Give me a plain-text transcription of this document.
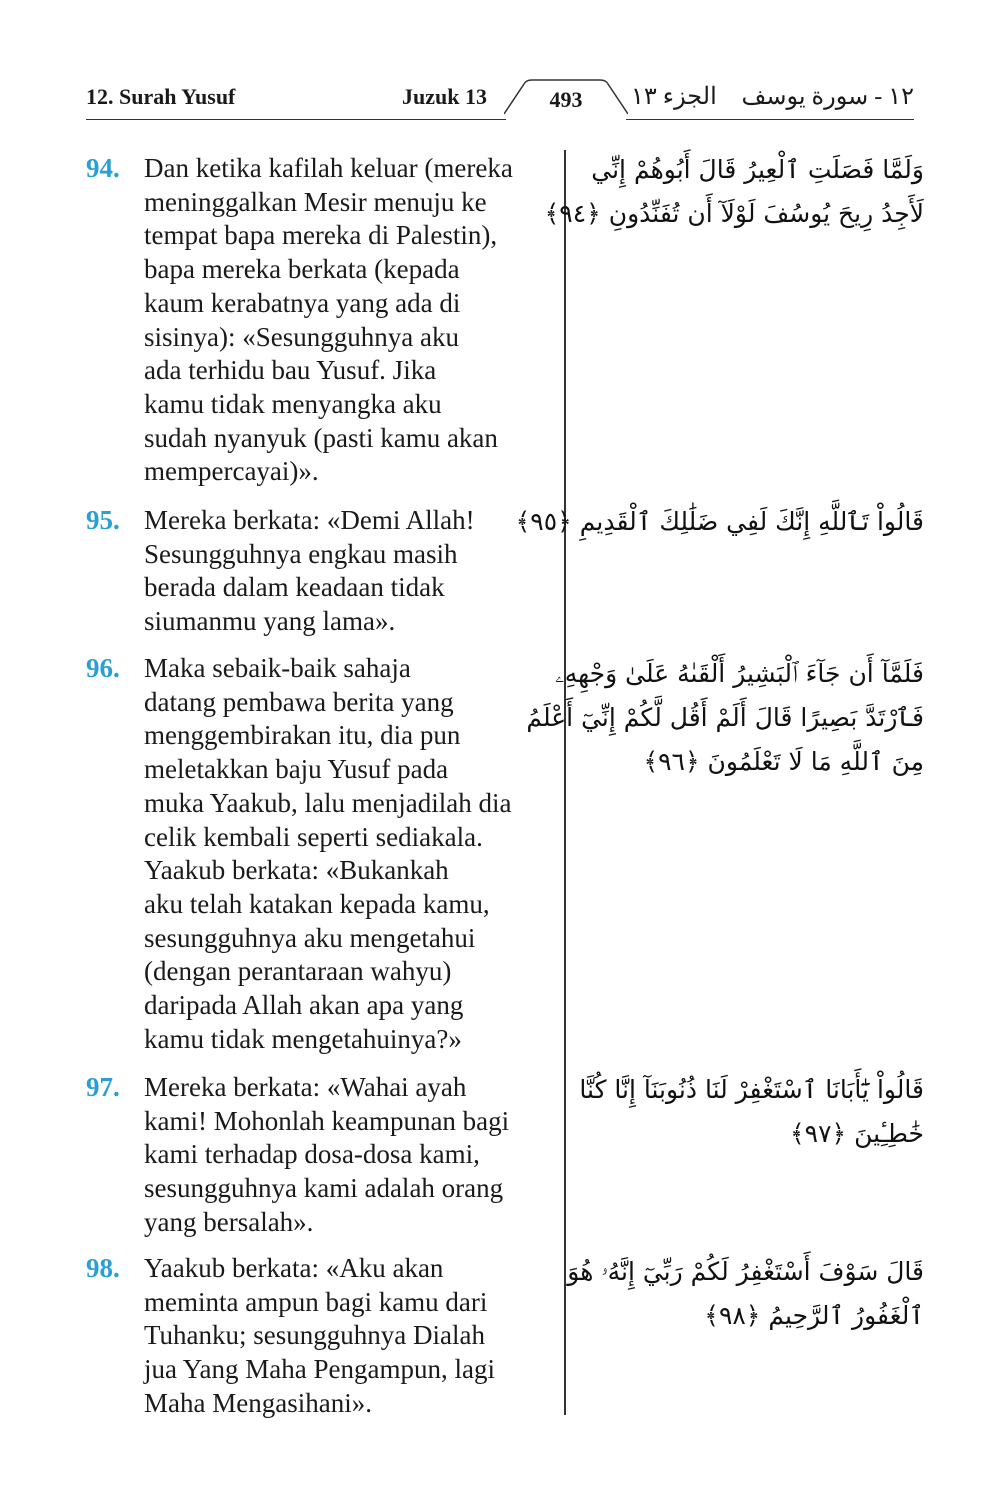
12. Surah Yusuf	Juzuk 13	493	الجزء ١٣ ١٢ - سورة يوسف
94. Dan ketika kafilah keluar (mereka
meninggalkan Mesir menuju ke
tempat bapa mereka di Palestin),
bapa mereka berkata (kepada
kaum kerabatnya yang ada di
sisinya): «Sesungguhnya aku
ada terhidu bau Yusuf. Jika
kamu tidak menyangka aku
sudah nyanyuk (pasti kamu akan
mempercayai)».
وَلَمَّا فَصَلَتِ ٱلْعِيرُ قَالَ أَبُوهُمْ إِنِّي
لَأَجِدُ رِيحَ يُوسُفَ لَوْلَآ أَن تُفَنِّدُونِ ﴿٩٤﴾
95. Mereka berkata: «Demi Allah!
Sesungguhnya engkau masih
berada dalam keadaan tidak
siumanmu yang lama».
قَالُواْ تَٱللَّهِ إِنَّكَ لَفِي ضَلَٰلِكَ ٱلْقَدِيمِ ﴿٩٥﴾
96. Maka sebaik-baik sahaja
datang pembawa berita yang
menggembirakan itu, dia pun
meletakkan baju Yusuf pada
muka Yaakub, lalu menjadilah dia
celik kembali seperti sediakala.
Yaakub berkata: «Bukankah
aku telah katakan kepada kamu,
sesungguhnya aku mengetahui
(dengan perantaraan wahyu)
daripada Allah akan apa yang
kamu tidak mengetahuinya?»
فَلَمَّآ أَن جَآءَ ٱلْبَشِيرُ أَلْقَىٰهُ عَلَىٰ وَجْهِهِۦ
فَٱرْتَدَّ بَصِيرًا قَالَ أَلَمْ أَقُل لَّكُمْ إِنِّيٓ أَعْلَمُ
مِنَ ٱللَّهِ مَا لَا تَعْلَمُونَ ﴿٩٦﴾
97. Mereka berkata: «Wahai ayah
kami! Mohonlah keampunan bagi
kami terhadap dosa-dosa kami,
sesungguhnya kami adalah orang
yang bersalah».
قَالُواْ يَٰٓأَبَانَا ٱسْتَغْفِرْ لَنَا ذُنُوبَنَآ إِنَّا كُنَّا
خَٰطِـِٔينَ ﴿٩٧﴾
98. Yaakub berkata: «Aku akan
meminta ampun bagi kamu dari
Tuhanku; sesungguhnya Dialah
jua Yang Maha Pengampun, lagi
Maha Mengasihani».
قَالَ سَوْفَ أَسْتَغْفِرُ لَكُمْ رَبِّيٓ إِنَّهُۥ هُوَ
ٱلْغَفُورُ ٱلرَّحِيمُ ﴿٩٨﴾
